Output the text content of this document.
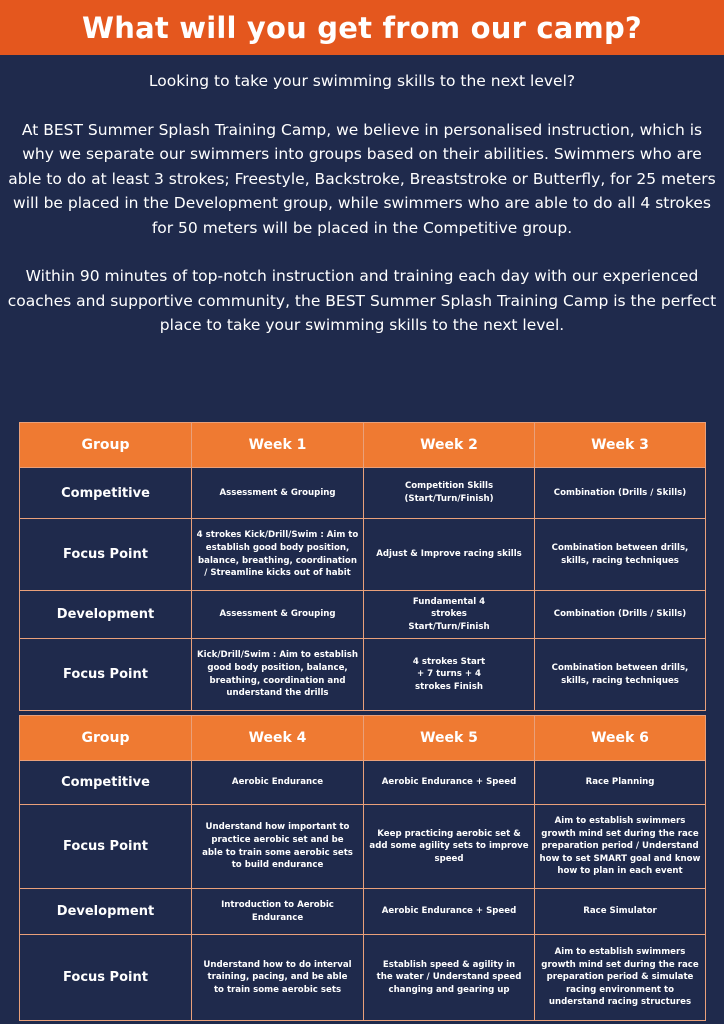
What will you get from our camp?

Looking to take your swimming skills to the next level?

At BEST Summer Splash Training Camp, we believe in personalised instruction, which is why we separate our swimmers into groups based on their abilities. Swimmers who are able to do at least 3 strokes; Freestyle, Backstroke, Breaststroke or Butterfly, for 25 meters will be placed in the Development group, while swimmers who are able to do all 4 strokes for 50 meters will be placed in the Competitive group.

Within 90 minutes of top-notch instruction and training each day with our experienced coaches and supportive community, the BEST Summer Splash Training Camp is the perfect place to take your swimming skills to the next level.

Group	Week 1	Week 2	Week 3
Competitive	Assessment & Grouping	Competition Skills (Start/Turn/Finish)	Combination (Drills / Skills)
Focus Point	4 strokes Kick/Drill/Swim : Aim to establish good body position, balance, breathing, coordination / Streamline kicks out of habit	Adjust & Improve racing skills	Combination between drills, skills, racing techniques
Development	Assessment & Grouping	Fundamental 4 strokes Start/Turn/Finish	Combination (Drills / Skills)
Focus Point	Kick/Drill/Swim : Aim to establish good body position, balance, breathing, coordination and understand the drills	4 strokes Start + 7 turns + 4 strokes Finish	Combination between drills, skills, racing techniques
Group	Week 4	Week 5	Week 6
Competitive	Aerobic Endurance	Aerobic Endurance + Speed	Race Planning
Focus Point	Understand how important to practice aerobic set and be able to train some aerobic sets to build endurance	Keep practicing aerobic set & add some agility sets to improve speed	Aim to establish swimmers growth mind set during the race preparation period / Understand how to set SMART goal and know how to plan in each event
Development	Introduction to Aerobic Endurance	Aerobic Endurance + Speed	Race Simulator
Focus Point	Understand how to do interval training, pacing, and be able to train some aerobic sets	Establish speed & agility in the water / Understand speed changing and gearing up	Aim to establish swimmers growth mind set during the race preparation period & simulate racing environment to understand racing structures
